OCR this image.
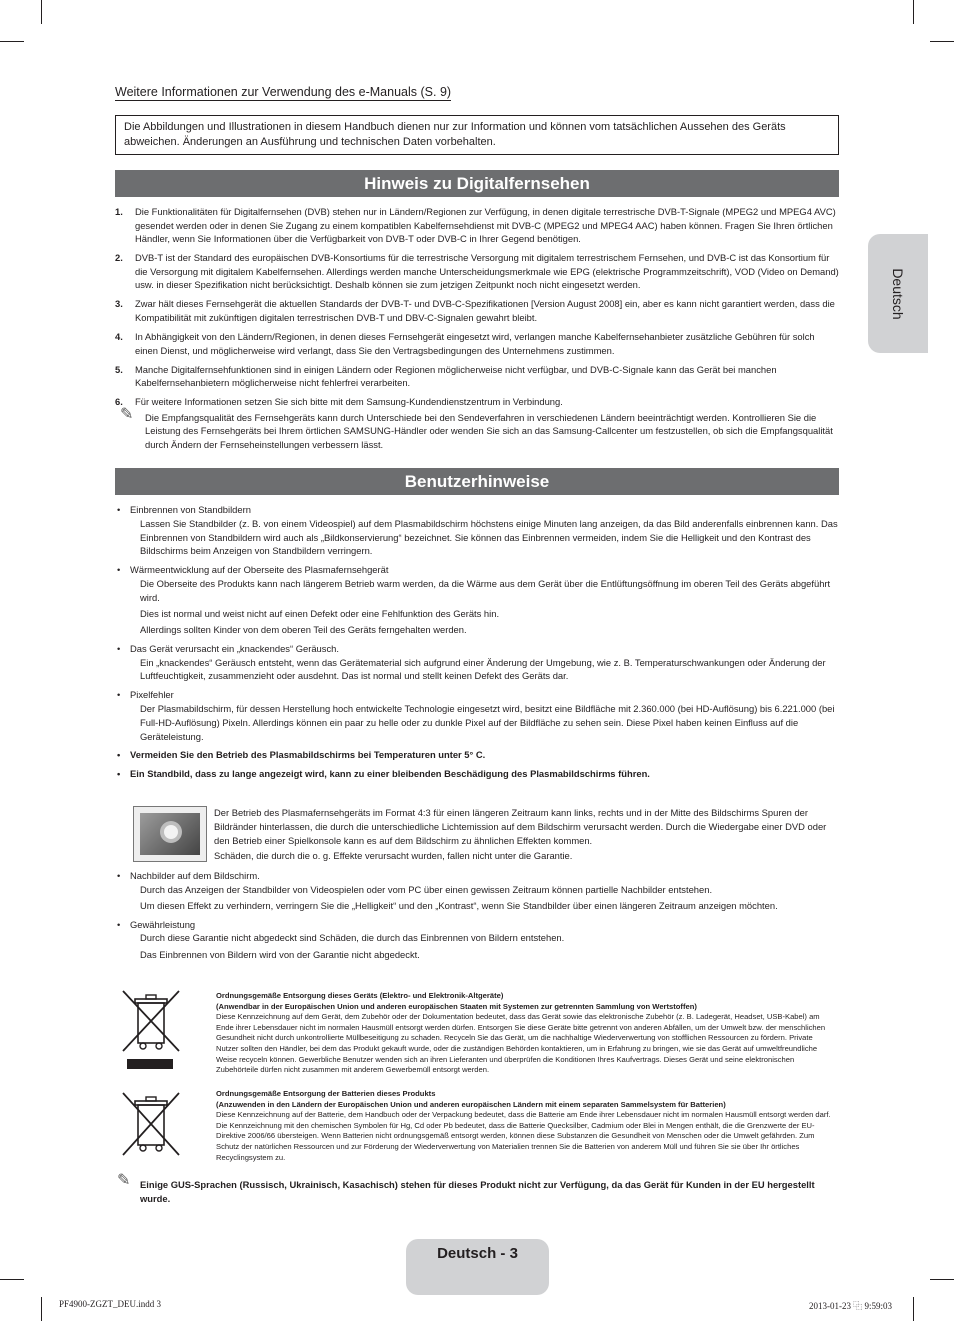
Weitere Informationen zur Verwendung des e-Manuals (S. 9)
Die Abbildungen und Illustrationen in diesem Handbuch dienen nur zur Information und können vom tatsächlichen Aussehen des Geräts abweichen. Änderungen an Ausführung und technischen Daten vorbehalten.
Hinweis zu Digitalfernsehen
1. Die Funktionalitäten für Digitalfernsehen (DVB) stehen nur in Ländern/Regionen zur Verfügung, in denen digitale terrestrische DVB-T-Signale (MPEG2 und MPEG4 AVC) gesendet werden oder in denen Sie Zugang zu einem kompatiblen Kabelfernsehdienst mit DVB-C (MPEG2 und MPEG4 AAC) haben können. Fragen Sie Ihren örtlichen Händler, wenn Sie Informationen über die Verfügbarkeit von DVB-T oder DVB-C in Ihrer Gegend benötigen.
2. DVB-T ist der Standard des europäischen DVB-Konsortiums für die terrestrische Versorgung mit digitalem terrestrischem Fernsehen, und DVB-C ist das Konsortium für die Versorgung mit digitalem Kabelfernsehen. Allerdings werden manche Unterscheidungsmerkmale wie EPG (elektrische Programmzeitschrift), VOD (Video on Demand) usw. in dieser Spezifikation nicht berücksichtigt. Deshalb können sie zum jetzigen Zeitpunkt noch nicht eingesetzt werden.
3. Zwar hält dieses Fernsehgerät die aktuellen Standards der DVB-T- und DVB-C-Spezifikationen [Version August 2008] ein, aber es kann nicht garantiert werden, dass die Kompatibilität mit zukünftigen digitalen terrestrischen DVB-T und DBV-C-Signalen gewahrt bleibt.
4. In Abhängigkeit von den Ländern/Regionen, in denen dieses Fernsehgerät eingesetzt wird, verlangen manche Kabelfernsehanbieter zusätzliche Gebühren für solch einen Dienst, und möglicherweise wird verlangt, dass Sie den Vertragsbedingungen des Unternehmens zustimmen.
5. Manche Digitalfernsehfunktionen sind in einigen Ländern oder Regionen möglicherweise nicht verfügbar, und DVB-C-Signale kann das Gerät bei manchen Kabelfernsehanbietern möglicherweise nicht fehlerfrei verarbeiten.
6. Für weitere Informationen setzen Sie sich bitte mit dem Samsung-Kundendienstzentrum in Verbindung.
✎ Die Empfangsqualität des Fernsehgeräts kann durch Unterschiede bei den Sendeverfahren in verschiedenen Ländern beeinträchtigt werden. Kontrollieren Sie die Leistung des Fernsehgeräts bei Ihrem örtlichen SAMSUNG-Händler oder wenden Sie sich an das Samsung-Callcenter um festzustellen, ob sich die Empfangsqualität durch Ändern der Fernseheinstellungen verbessern lässt.
Benutzerhinweise
• Einbrennen von Standbildern

Lassen Sie Standbilder (z. B. von einem Videospiel) auf dem Plasmabildschirm höchstens einige Minuten lang anzeigen, da das Bild anderenfalls einbrennen kann. Das Einbrennen von Standbildern wird auch als „Bildkonservierung“ bezeichnet. Sie können das Einbrennen vermeiden, indem Sie die Helligkeit und den Kontrast des Bildschirms beim Anzeigen von Standbildern verringern.

• Wärmeentwicklung auf der Oberseite des Plasmafernsehgerät

Die Oberseite des Produkts kann nach längerem Betrieb warm werden, da die Wärme aus dem Gerät über die Entlüftungsöffnung im oberen Teil des Geräts abgeführt wird.

Dies ist normal und weist nicht auf einen Defekt oder eine Fehlfunktion des Geräts hin.

Allerdings sollten Kinder von dem oberen Teil des Geräts ferngehalten werden.

• Das Gerät verursacht ein „knackendes“ Geräusch.

Ein „knackendes“ Geräusch entsteht, wenn das Gerätematerial sich aufgrund einer Änderung der Umgebung, wie z. B. Temperaturschwankungen oder Änderung der Luftfeuchtigkeit, zusammenzieht oder ausdehnt. Das ist normal und stellt keinen Defekt des Geräts dar.

• Pixelfehler

Der Plasmabildschirm, für dessen Herstellung hoch entwickelte Technologie eingesetzt wird, besitzt eine Bildfläche mit 2.360.000 (bei HD-Auflösung) bis 6.221.000 (bei Full-HD-Auflösung) Pixeln. Allerdings können ein paar zu helle oder zu dunkle Pixel auf der Bildfläche zu sehen sein. Diese Pixel haben keinen Einfluss auf die Geräteleistung.

• Vermeiden Sie den Betrieb des Plasmabildschirms bei Temperaturen unter 5° C.
• Ein Standbild, dass zu lange angezeigt wird, kann zu einer bleibenden Beschädigung des Plasmabildschirms führen.

Der Betrieb des Plasmafernsehgeräts im Format 4:3 für einen längeren Zeitraum kann links, rechts und in der Mitte des Bildschirms Spuren der Bildränder hinterlassen, die durch die unterschiedliche Lichtemission auf dem Bildschirm verursacht werden. Durch die Wiedergabe einer DVD oder den Betrieb einer Spielkonsole kann es auf dem Bildschirm zu ähnlichen Effekten kommen.

Schäden, die durch die o. g. Effekte verursacht wurden, fallen nicht unter die Garantie.

• Nachbilder auf dem Bildschirm.

Durch das Anzeigen der Standbilder von Videospielen oder vom PC über einen gewissen Zeitraum können partielle Nachbilder entstehen.

Um diesen Effekt zu verhindern, verringern Sie die „Helligkeit“ und den „Kontrast“, wenn Sie Standbilder über einen längeren Zeitraum anzeigen möchten.

• Gewährleistung

Durch diese Garantie nicht abgedeckt sind Schäden, die durch das Einbrennen von Bildern entstehen.

Das Einbrennen von Bildern wird von der Garantie nicht abgedeckt.

Ordnungsgemäße Entsorgung dieses Geräts (Elektro- und Elektronik-Altgeräte)

(Anwendbar in der Europäischen Union und anderen europäischen Staaten mit Systemen zur getrennten Sammlung von Wertstoffen)

Diese Kennzeichnung auf dem Gerät, dem Zubehör oder der Dokumentation bedeutet, dass das Gerät sowie das elektronische Zubehör (z. B. Ladegerät, Headset, USB-Kabel) am Ende ihrer Lebensdauer nicht im normalen Hausmüll entsorgt werden dürfen. Entsorgen Sie diese Geräte bitte getrennt von anderen Abfällen, um der Umwelt bzw. der menschlichen Gesundheit nicht durch unkontrollierte Müllbeseitigung zu schaden. Recyceln Sie das Gerät, um die nachhaltige Wiederverwertung von stofflichen Ressourcen zu fördern. Private Nutzer sollten den Händler, bei dem das Produkt gekauft wurde, oder die zuständigen Behörden kontaktieren, um in Erfahrung zu bringen, wie sie das Gerät auf umweltfreundliche Weise recyceln können. Gewerbliche Benutzer wenden sich an ihren Lieferanten und überprüfen die Konditionen Ihres Kaufvertrags. Dieses Gerät und seine elektronischen Zubehörteile dürfen nicht zusammen mit anderem Gewerbemüll entsorgt werden.

Ordnungsgemäße Entsorgung der Batterien dieses Produkts

(Anzuwenden in den Ländern der Europäischen Union und anderen europäischen Ländern mit einem separaten Sammelsystem für Batterien)

Diese Kennzeichnung auf der Batterie, dem Handbuch oder der Verpackung bedeutet, dass die Batterie am Ende ihrer Lebensdauer nicht im normalen Hausmüll entsorgt werden darf. Die Kennzeichnung mit den chemischen Symbolen für Hg, Cd oder Pb bedeutet, dass die Batterie Quecksilber, Cadmium oder Blei in Mengen enthält, die die Grenzwerte der EU-Direktive 2006/66 übersteigen. Wenn Batterien nicht ordnungsgemäß entsorgt werden, können diese Substanzen die Gesundheit von Menschen oder die Umwelt gefährden. Zum Schutz der natürlichen Ressourcen und zur Förderung der Wiederverwertung von Materialien trennen Sie die Batterien von anderem Müll und führen Sie sie über Ihr örtliches Recyclingsystem zu.

✎	Einige GUS-Sprachen (Russisch, Ukrainisch, Kasachisch) stehen für dieses Produkt nicht zur Verfügung, da das Gerät für Kunden in der EU hergestellt wurde.
Deutsch
Deutsch - 3
PF4900-ZGZT_DEU.indd 3	2013-01-23 ⿻ 9:59:03
